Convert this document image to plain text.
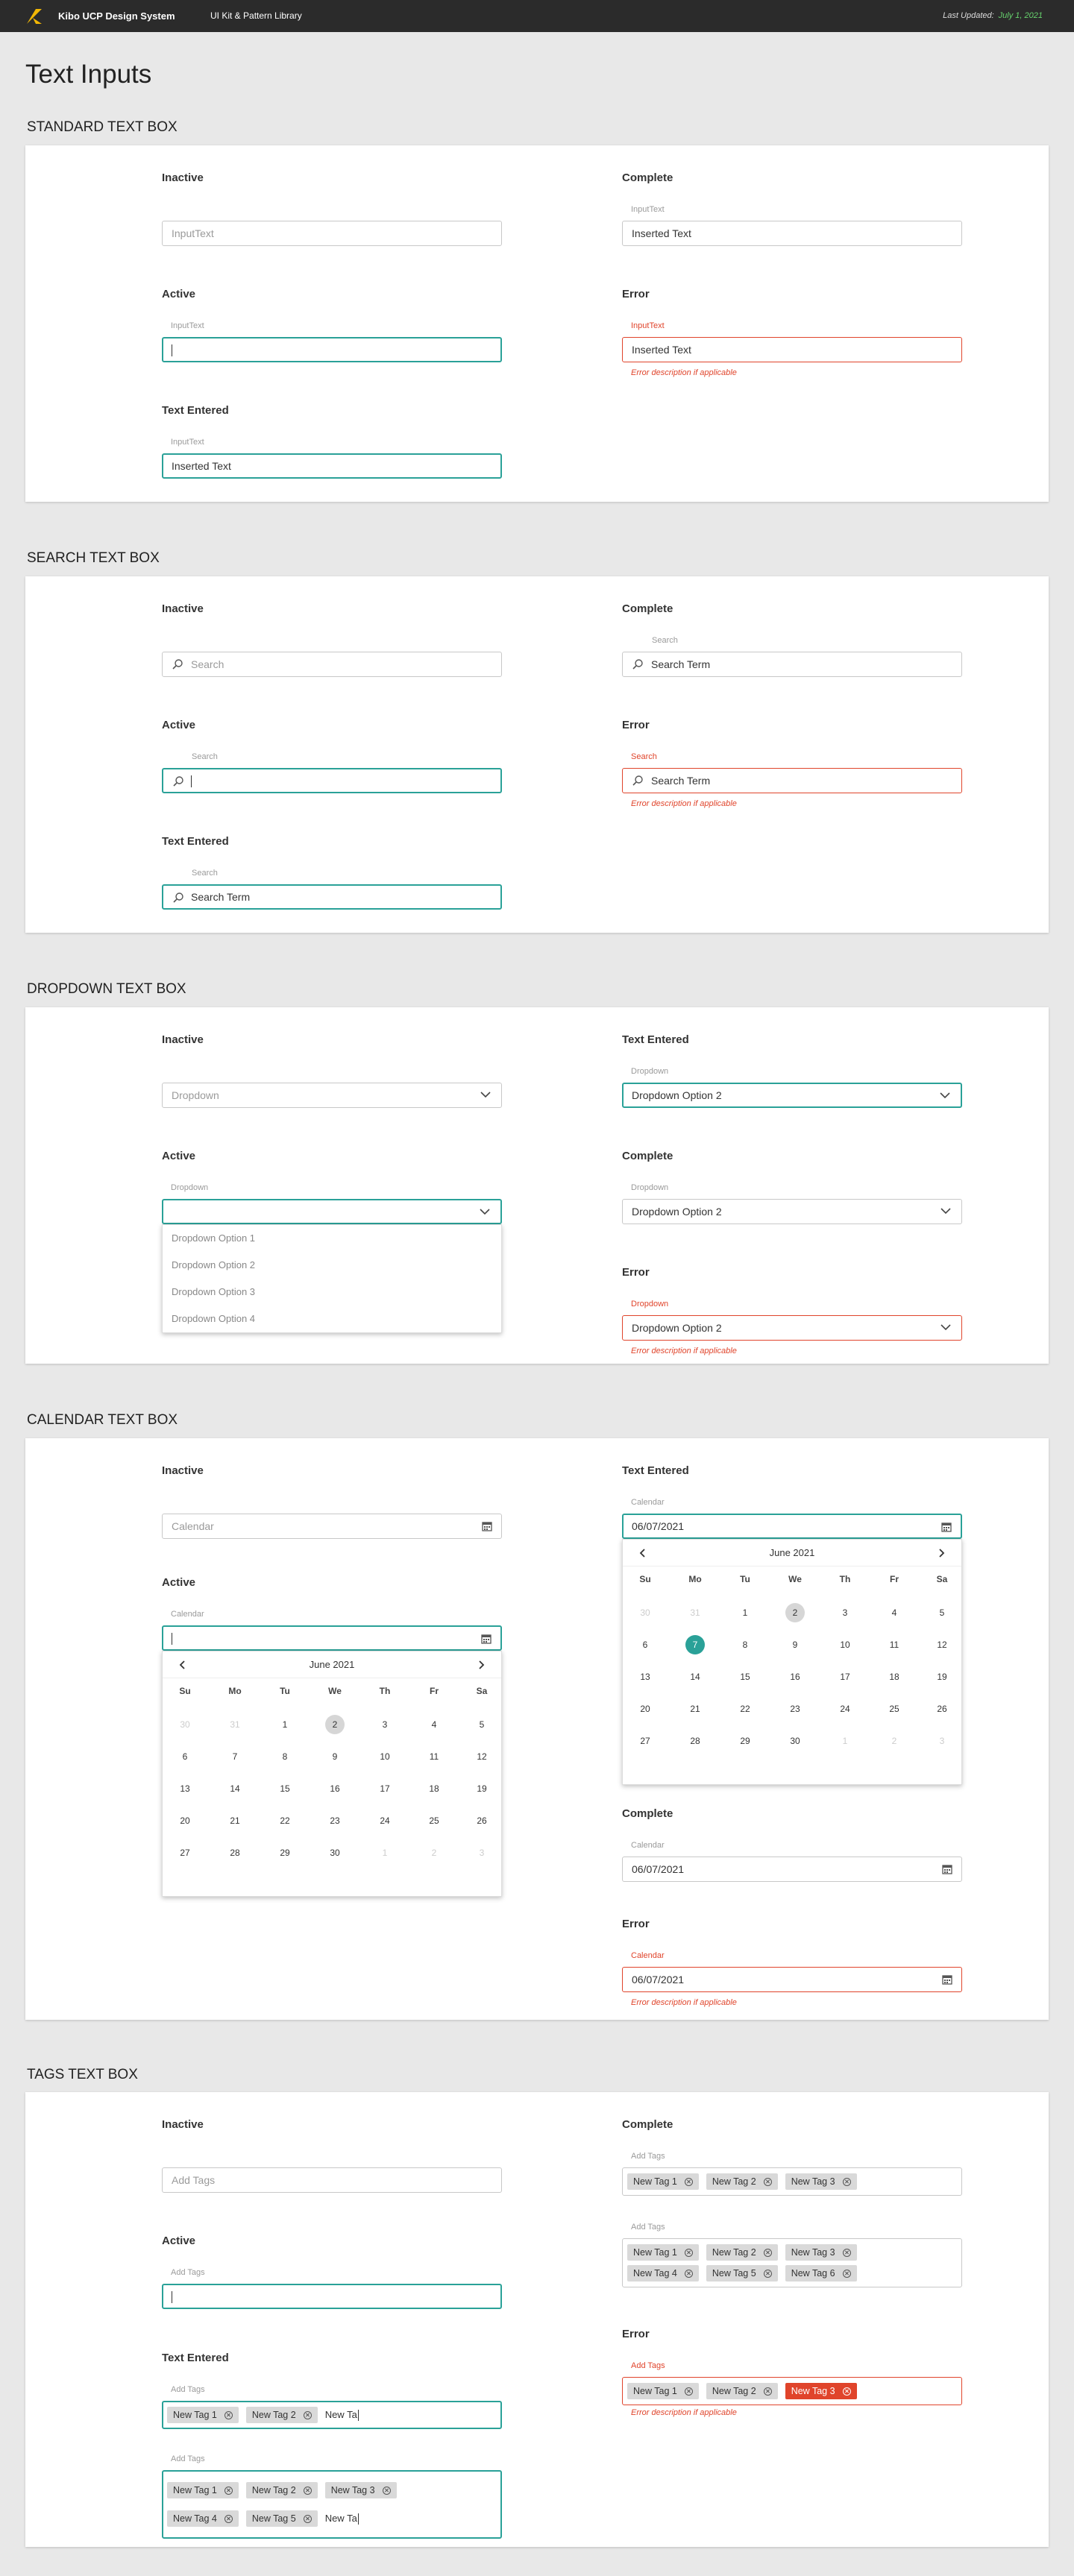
Kibo UCP Design System	UI Kit & Pattern Library	Last Updated: July 1, 2021
Text Inputs
STANDARD TEXT BOX
Inactive
InputText
Complete
InputText
Inserted Text
Active
InputText
Error
InputText
Inserted Text
Error description if applicable
Text Entered
InputText
Inserted Text
SEARCH TEXT BOX
Inactive
Search
Complete
Search
Search Term
Active
Search
Error
Search
Search Term
Error description if applicable
Text Entered
Search
Search Term
DROPDOWN TEXT BOX
Inactive
Dropdown
Text Entered
Dropdown
Dropdown Option 2
Active
Dropdown
Dropdown Option 1
Dropdown Option 2
Dropdown Option 3
Dropdown Option 4
Complete
Dropdown
Dropdown Option 2
Error
Dropdown
Dropdown Option 2
Error description if applicable
CALENDAR TEXT BOX
Inactive
Calendar
Text Entered
Calendar
06/07/2021
June 2021
Su	Mo	Tu	We	Th	Fr	Sa
30	31	1	2	3	4	5
6	7	8	9	10	11	12
13	14	15	16	17	18	19
20	21	22	23	24	25	26
27	28	29	30	1	2	3
Active
Calendar
June 2021
Su	Mo	Tu	We	Th	Fr	Sa
30	31	1	2	3	4	5
6	7	8	9	10	11	12
13	14	15	16	17	18	19
20	21	22	23	24	25	26
27	28	29	30	1	2	3
Complete
Calendar
06/07/2021
Error
Calendar
06/07/2021
Error description if applicable
TAGS TEXT BOX
Inactive
Add Tags
Complete
Add Tags
New Tag 1	New Tag 2	New Tag 3
Add Tags
New Tag 1	New Tag 2	New Tag 3
New Tag 4	New Tag 5	New Tag 6
Active
Add Tags
Error
Add Tags
New Tag 1	New Tag 2	New Tag 3
Error description if applicable
Text Entered
Add Tags
New Tag 1	New Tag 2	New Ta
Add Tags
New Tag 1	New Tag 2	New Tag 3
New Tag 4	New Tag 5	New Ta
